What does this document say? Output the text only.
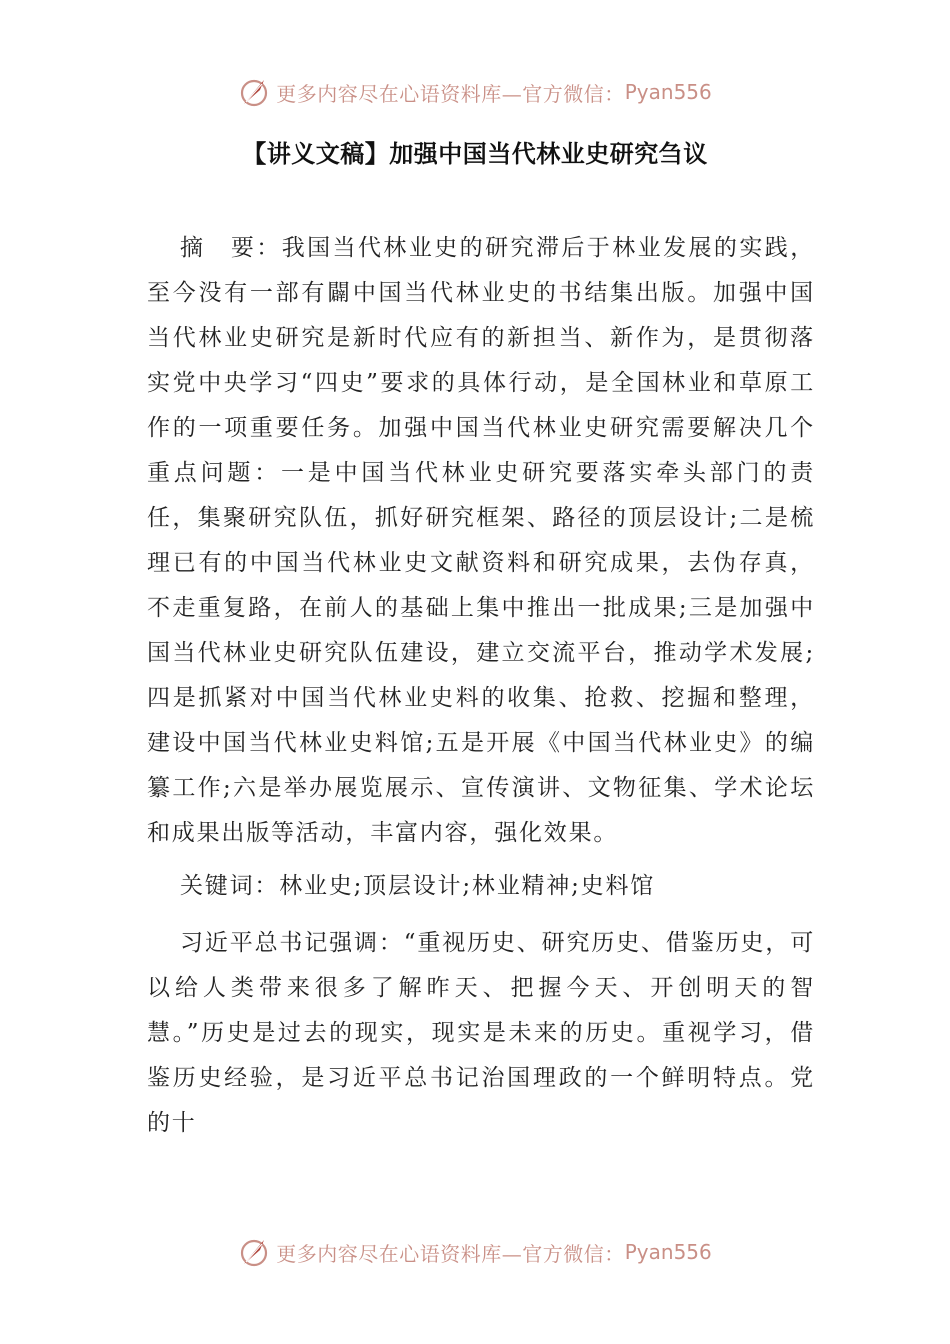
更多内容尽在心语资料库—官方微信： Pyan556
【讲义文稿】加强中国当代林业史研究刍议

摘　要：我国当代林业史的研究滞后于林业发展的实践，至今没有一部有闢中国当代林业史的书结集出版。加强中国当代林业史研究是新时代应有的新担当、新作为，是贯彻落实党中央学习“四史”要求的具体行动，是全国林业和草原工作的一项重要任务。加强中国当代林业史研究需要解决几个重点问题：一是中国当代林业史研究要落实牵头部门的责任，集聚研究队伍，抓好研究框架、路径的顶层设计;二是梳理已有的中国当代林业史文献资料和研究成果，去伪存真，不走重复路，在前人的基础上集中推出一批成果;三是加强中国当代林业史研究队伍建设，建立交流平台，推动学术发展;四是抓紧对中国当代林业史料的收集、抢救、挖掘和整理，建设中国当代林业史料馆;五是开展《中国当代林业史》的编纂工作;六是举办展览展示、宣传演讲、文物征集、学术论坛和成果出版等活动，丰富内容，强化效果。

关键词：林业史;顶层设计;林业精神;史料馆

习近平总书记强调：“重视历史、研究历史、借鉴历史，可以给人类带来很多了解昨天、把握今天、开创明天的智慧。”历史是过去的现实，现实是未来的历史。重视学习，借鉴历史经验，是习近平总书记治国理政的一个鲜明特点。党的十

更多内容尽在心语资料库—官方微信： Pyan556
